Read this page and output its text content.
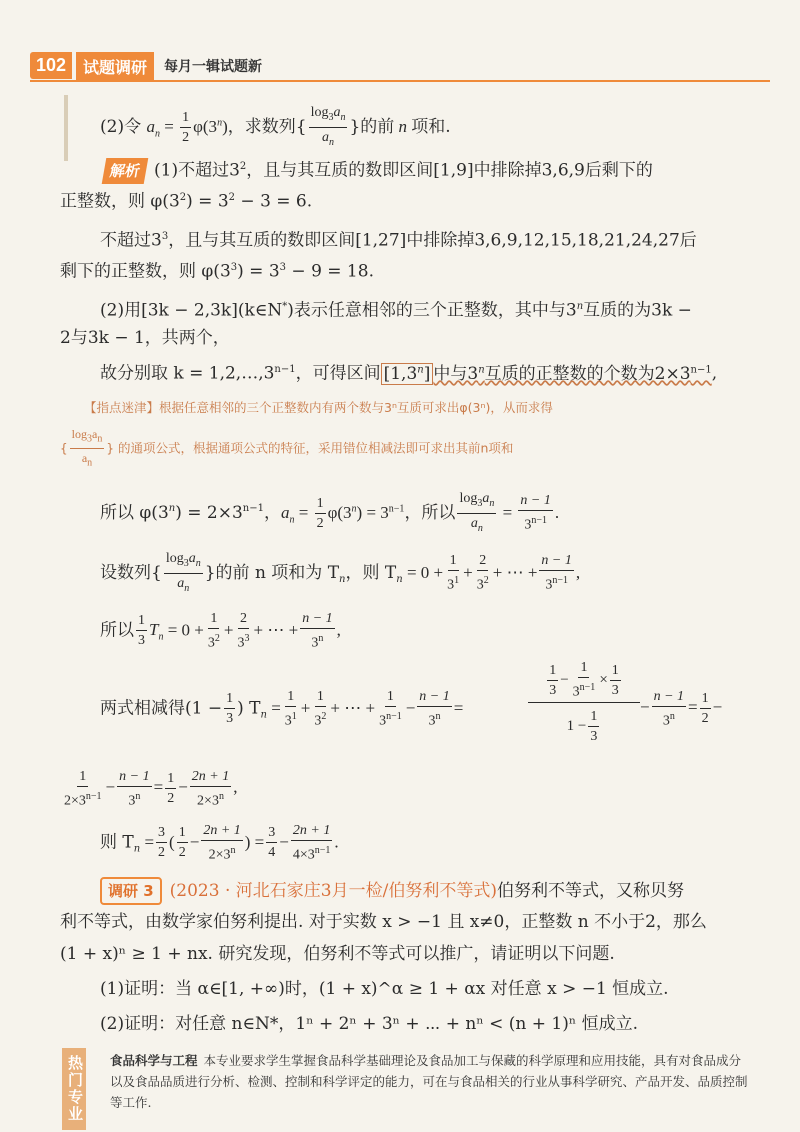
102	试题调研	每月一辑试题新
(2)令 $a_n = \frac{1}{2} \varphi(3^n)$，求数列{ $\frac{\log_3a_n}{a_n}$ }的前 n 项和.
解析 (1)不超过$3^2$，且与其互质的数即区间[1,9]中排除掉3,6,9后剩下的
正整数，则 $\varphi(3^2) = 3^2 - 3 = 6$.
不超过$3^3$，且与其互质的数即区间[1,27]中排除掉3,6,9,12,15,18,21,24,27后
剩下的正整数，则 $\varphi(3^3) = 3^3 - 9 = 18$.
(2)用[3k − 2,3k](k∈N*)表示任意相邻的三个正整数，其中与3$^n$互质的为3k −
2与3k − 1，共两个，
故分别取 $k = 1,2,\dots,3^{n-1}$，可得区间 [1,3$^n$] 中与3$^n$互质的正整数的个数为$2\times 3^{n-1}$,
【指点迷津】根据任意相邻的三个正整数内有两个数与3ⁿ互质可求出φ(3ⁿ)，从而求得
{ $\frac{\log_3a_n}{a_n}$ } 的通项公式，根据通项公式的特征，采用错位相减法即可求出其前n项和
所以 $\varphi(3^n) = 2\times 3^{n-1}$，$a_n = \frac{1}{2} \varphi(3^n) = 3^{n-1}$，所以 $\frac{\log_3a_n}{a_n} = \frac{n - 1}{3^{n-1}}$ .
设数列{ $\frac{\log_3a_n}{a_n}$ }的前 n 项和为 $T_n$，则 $T_n = 0 + \frac{1}{3^1} + \frac{2}{3^2}$ + ⋯ + $\frac{n - 1}{3^{n-1}}$ ,
所以 $\frac{1}{3} T_n = 0 + \frac{1}{3^2} + \frac{2}{3^3}$ + ⋯ + $\frac{n - 1}{3^n}$ ,
两式相减得($1 - \frac{1}{3}$ ) $T_n = \frac{1}{3^1} + \frac{1}{3^2}$ + ⋯ + $\frac{1}{3^{n-1}} - \frac{n - 1}{3^n}$ =
$\frac{1}{3} - \frac{1}{3^{n-1}} \times \frac{1}{3}$
$1 - \frac{1}{3}$
− $\frac{n - 1}{3^n} = \frac{1}{2}$ −
$\frac{1}{2\times 3^{n-1}} - \frac{n - 1}{3^n} = \frac{1}{2} - \frac{2n + 1}{2\times 3^n}$ ,
则 $T_n = \frac{3}{2}$ ( $\frac{1}{2} - \frac{2n + 1}{2\times 3^n}$ ) = $\frac{3}{4} - \frac{2n + 1}{4\times 3^{n-1}}$ .
调研 3 (2023 · 河北石家庄3月一检/伯努利不等式)伯努利不等式，又称贝努
利不等式，由数学家伯努利提出. 对于实数 x > −1 且 x≠0，正整数 n 不小于2，那么
(1 + x)ⁿ ≥ 1 + nx. 研究发现，伯努利不等式可以推广，请证明以下问题.
(1)证明：当 α∈[1, +∞)时，(1 + x)^α ≥ 1 + αx 对任意 x > −1 恒成立.
(2)证明：对任意 n∈N*，1ⁿ + 2ⁿ + 3ⁿ + ⋯ + nⁿ < (n + 1)ⁿ 恒成立.
热门专业 食品科学与工程 本专业要求学生掌握食品科学基础理论及食品加工与保藏的科学原理和应用技能，具有对食品成分以及食品品质进行分析、检测、控制和科学评定的能力，可在与食品相关的行业从事科学研究、产品开发、品质控制等工作.
